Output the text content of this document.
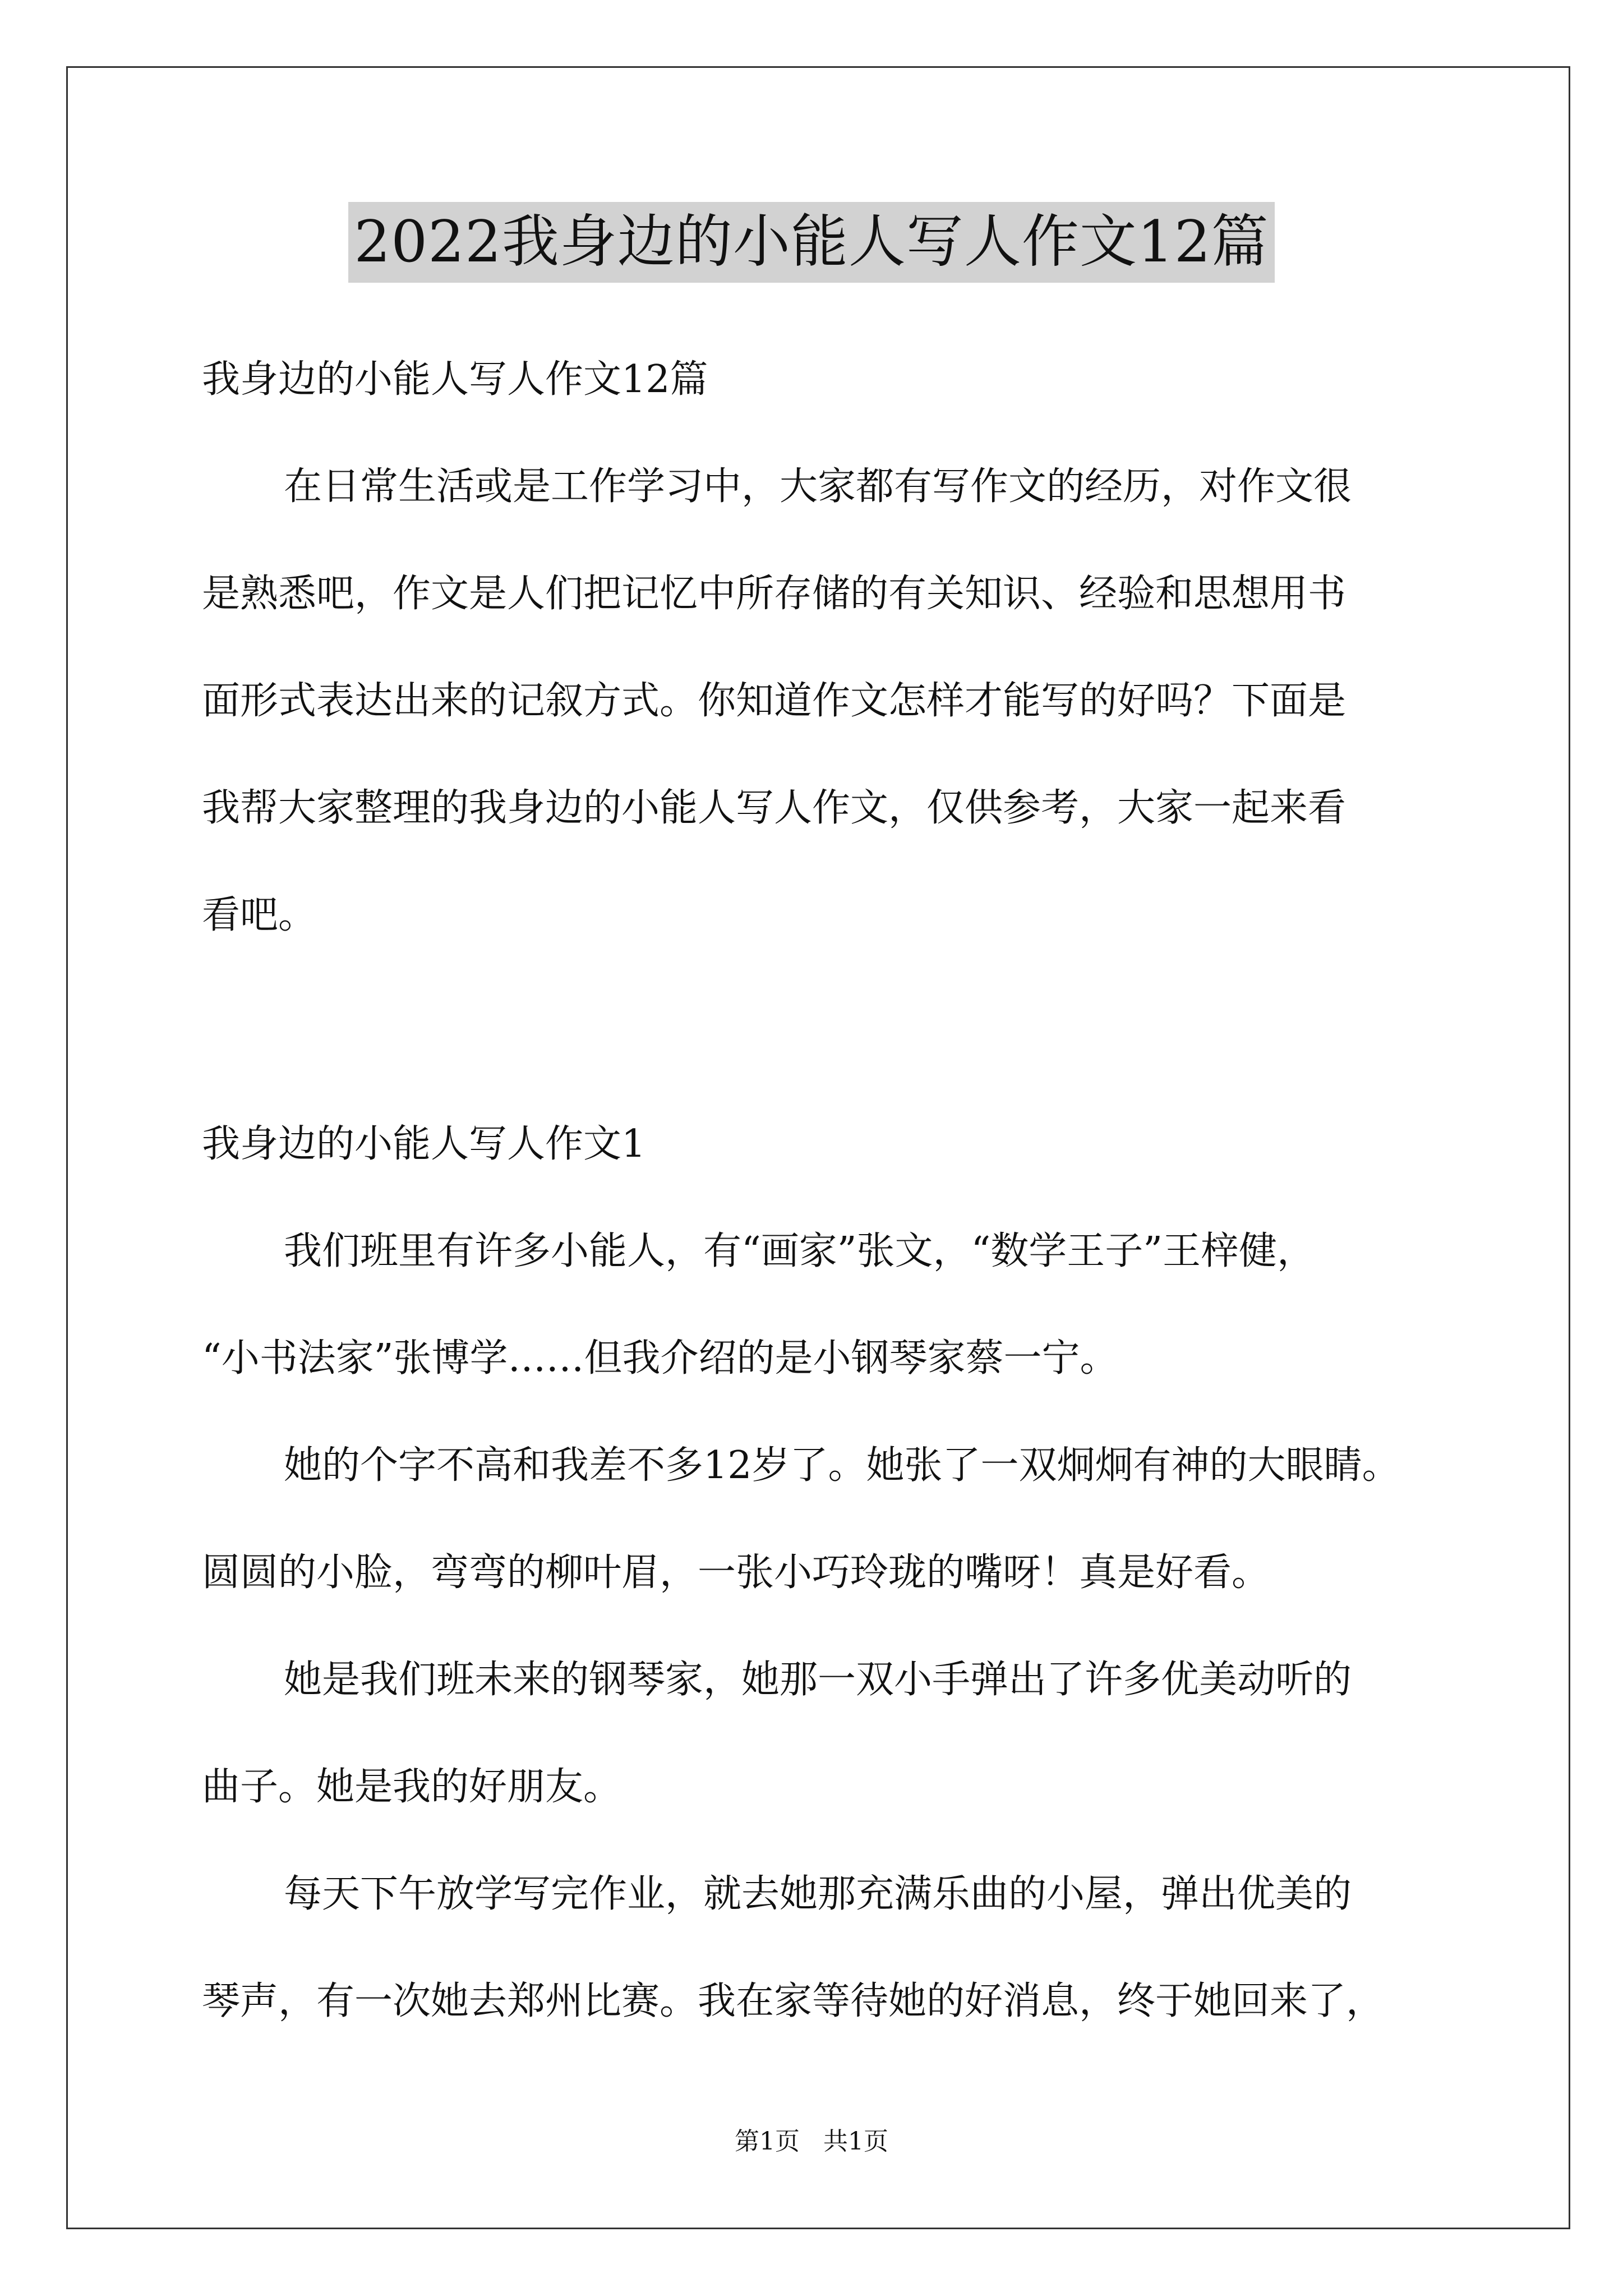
2022我身边的小能人写人作文12篇
我身边的小能人写人作文12篇
在日常生活或是工作学习中，大家都有写作文的经历，对作文很
是熟悉吧，作文是人们把记忆中所存储的有关知识、经验和思想用书
面形式表达出来的记叙方式。你知道作文怎样才能写的好吗？下面是
我帮大家整理的我身边的小能人写人作文，仅供参考，大家一起来看
看吧。
我身边的小能人写人作文1
我们班里有许多小能人，有“画家”张文，“数学王子”王梓健，
“小书法家”张博学……但我介绍的是小钢琴家蔡一宁。
她的个字不高和我差不多12岁了。她张了一双炯炯有神的大眼睛。
圆圆的小脸，弯弯的柳叶眉，一张小巧玲珑的嘴呀！真是好看。
她是我们班未来的钢琴家，她那一双小手弹出了许多优美动听的
曲子。她是我的好朋友。
每天下午放学写完作业，就去她那充满乐曲的小屋，弹出优美的
琴声，有一次她去郑州比赛。我在家等待她的好消息，终于她回来了，
第1页   共1页
